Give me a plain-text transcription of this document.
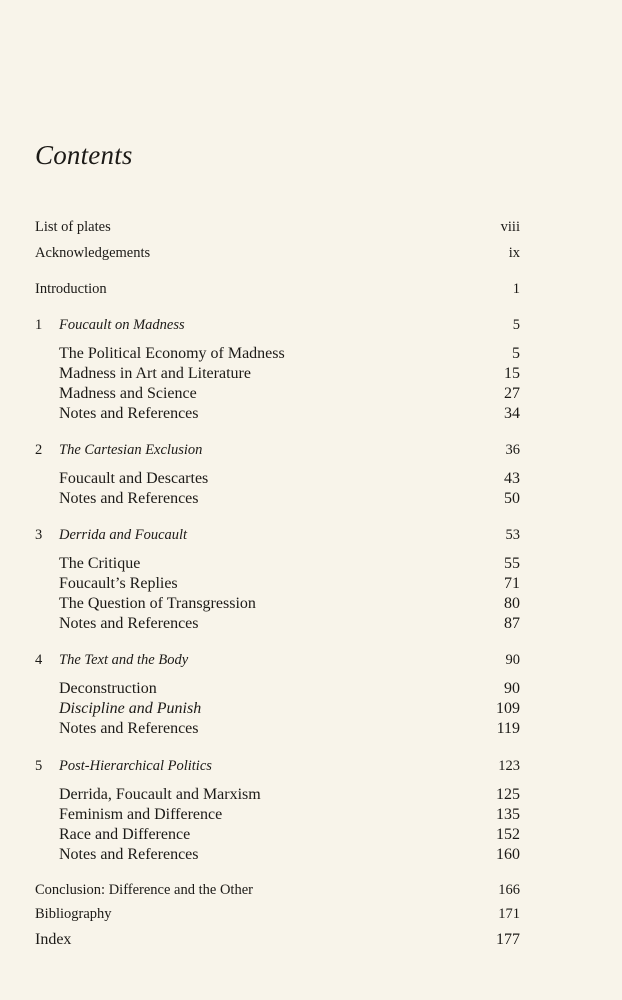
Contents
List of plates	viii
Acknowledgements	ix
Introduction	1
1 Foucault on Madness	5
The Political Economy of Madness	5
Madness in Art and Literature	15
Madness and Science	27
Notes and References	34
2 The Cartesian Exclusion	36
Foucault and Descartes	43
Notes and References	50
3 Derrida and Foucault	53
The Critique	55
Foucault’s Replies	71
The Question of Transgression	80
Notes and References	87
4 The Text and the Body	90
Deconstruction	90
Discipline and Punish	109
Notes and References	119
5 Post-Hierarchical Politics	123
Derrida, Foucault and Marxism	125
Feminism and Difference	135
Race and Difference	152
Notes and References	160
Conclusion: Difference and the Other	166
Bibliography	171
Index	177
